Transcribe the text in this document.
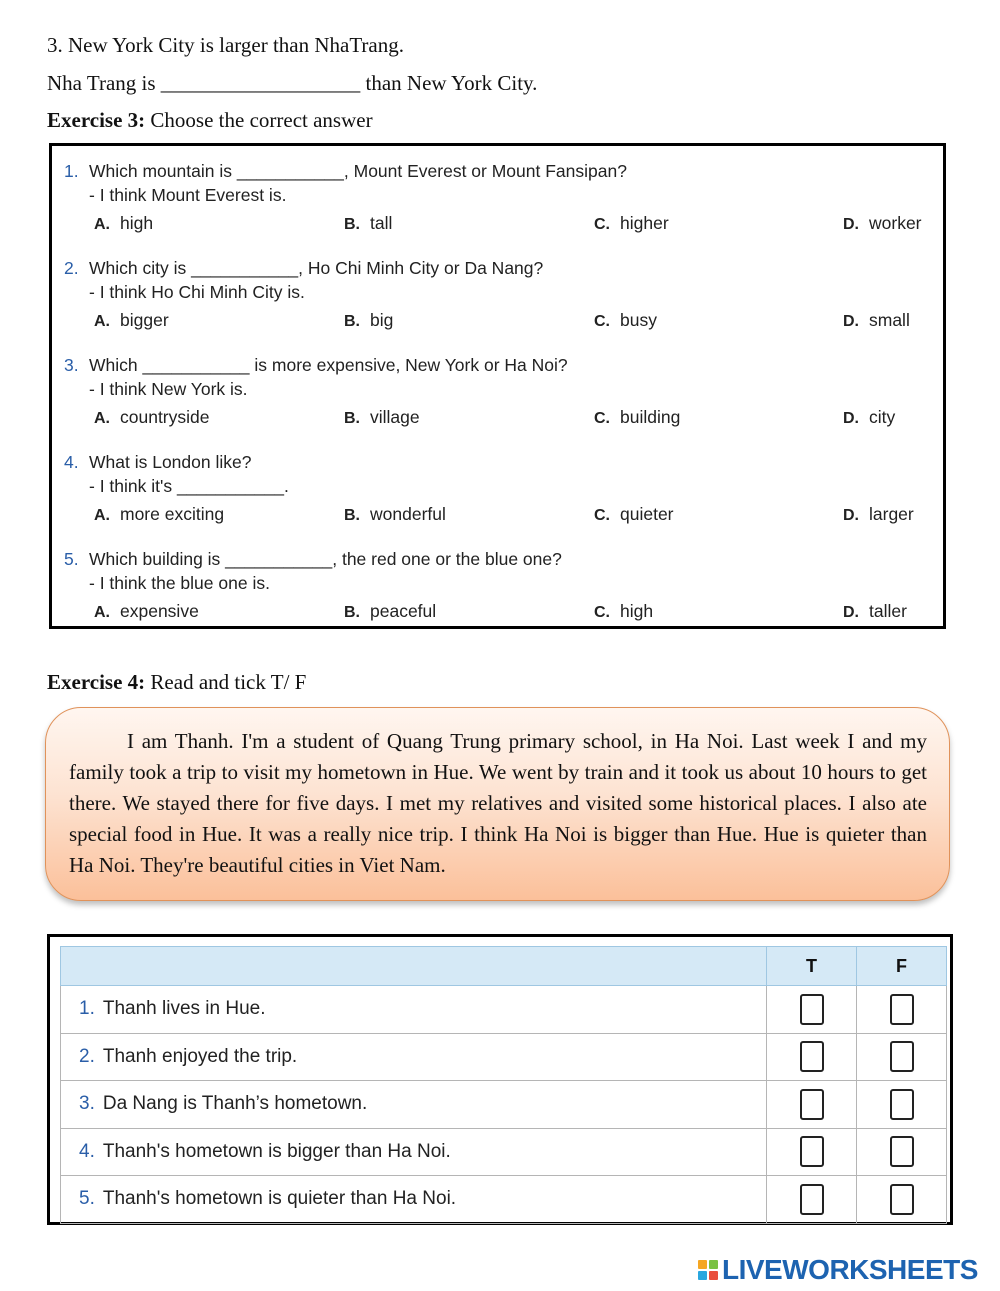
3. New York City is larger than NhaTrang.
Nha Trang is ___________________ than New York City.
Exercise 3: Choose the correct answer
1. Which mountain is ___________, Mount Everest or Mount Fansipan?
- I think Mount Everest is.
A. high	B. tall	C. higher	D. worker
2. Which city is ___________, Ho Chi Minh City or Da Nang?
- I think Ho Chi Minh City is.
A. bigger	B. big	C. busy	D. small
3. Which ___________ is more expensive, New York or Ha Noi?
- I think New York is.
A. countryside	B. village	C. building	D. city
4. What is London like?
- I think it's ___________.
A. more exciting	B. wonderful	C. quieter	D. larger
5. Which building is ___________, the red one or the blue one?
- I think the blue one is.
A. expensive	B. peaceful	C. high	D. taller
Exercise 4: Read and tick T/ F

I am Thanh. I'm a student of Quang Trung primary school, in Ha Noi. Last week I and my family took a trip to visit my hometown in Hue. We went by train and it took us about 10 hours to get there. We stayed there for five days. I met my relatives and visited some historical places. I also ate special food in Hue. It was a really nice trip. I think Ha Noi is bigger than Hue. Hue is quieter than Ha Noi. They're beautiful cities in Viet Nam.

	T	F
1. Thanh lives in Hue.		
2. Thanh enjoyed the trip.		
3. Da Nang is Thanh’s hometown.		
4. Thanh's hometown is bigger than Ha Noi.		
5. Thanh's hometown is quieter than Ha Noi.		
LIVEWORKSHEETS
